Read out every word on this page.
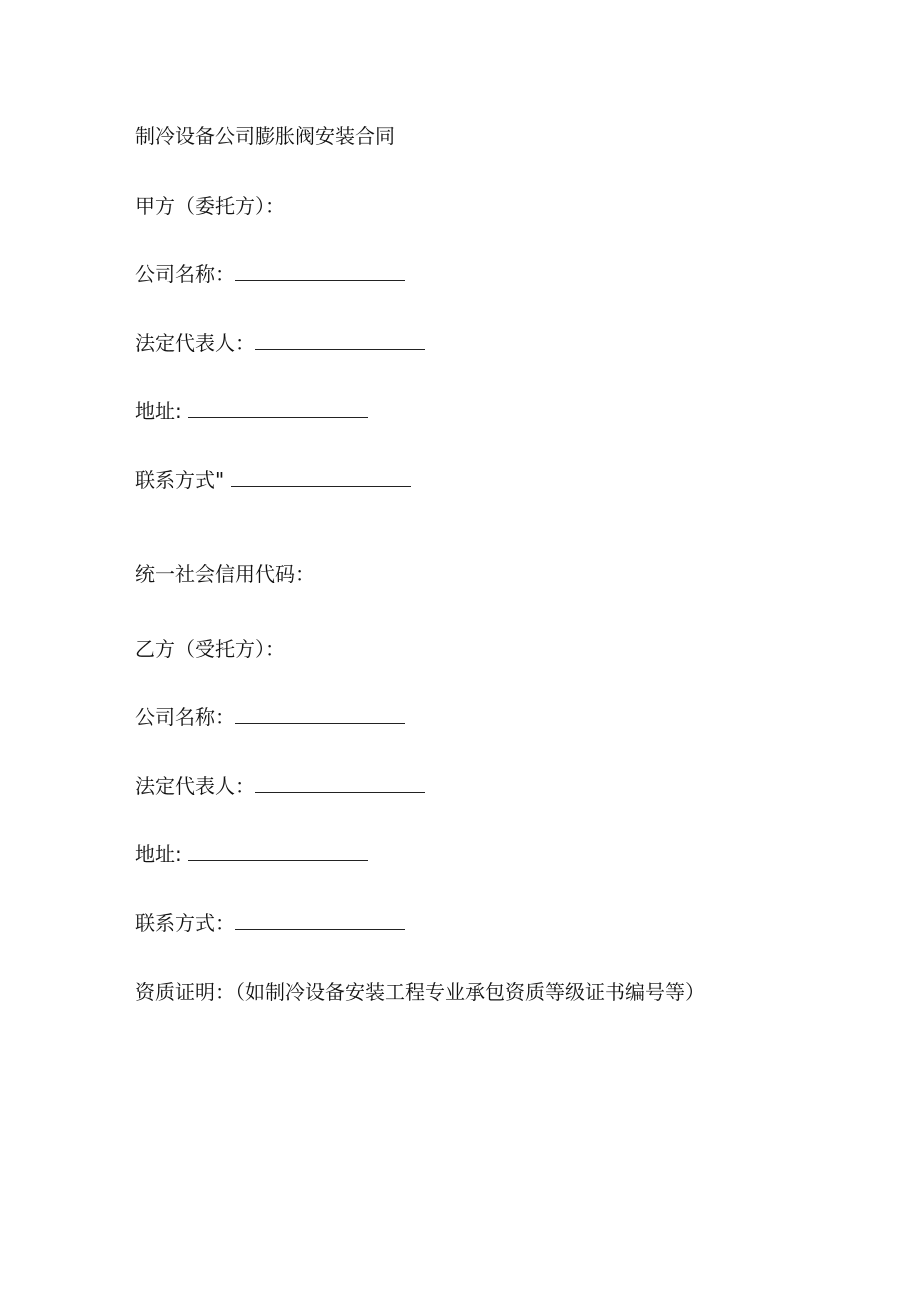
制冷设备公司膨胀阀安装合同
甲方（委托方）：
公司名称：
法定代表人：
地址:
联系方式"
统一社会信用代码：
乙方（受托方）：
公司名称：
法定代表人：
地址:
联系方式：
资质证明：（如制冷设备安装工程专业承包资质等级证书编号等）
